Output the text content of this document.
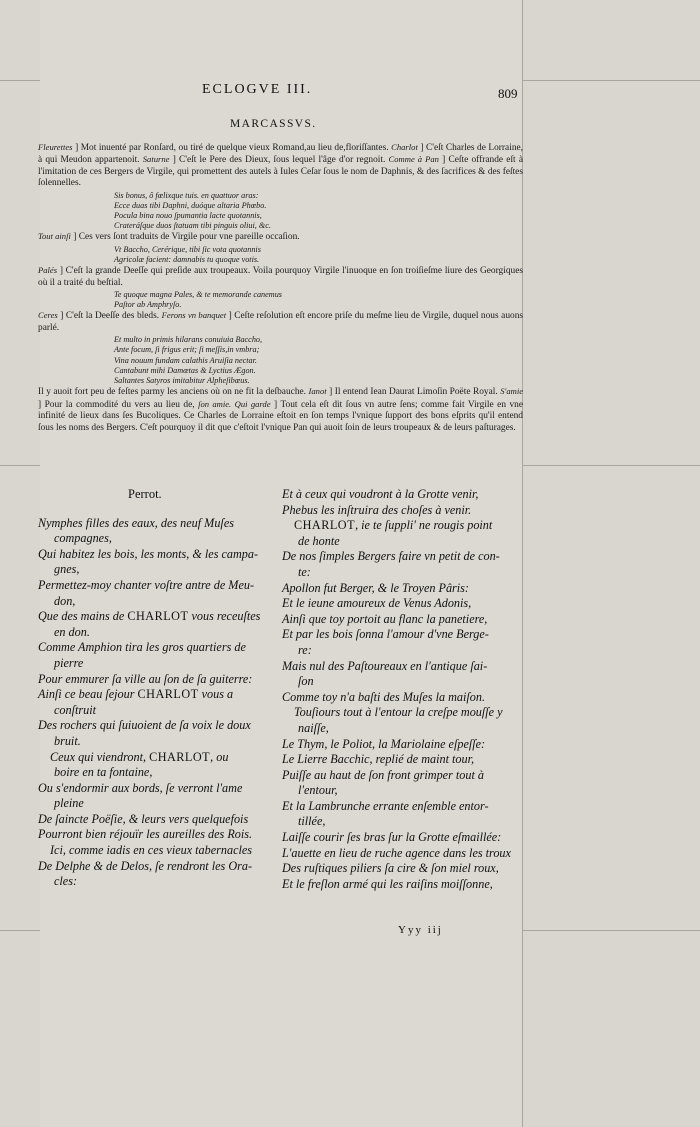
ECLOGVE III.	809
MARCASSVS.

Fleurettes ] Mot inuenté par Ronſard, ou tiré de quelque vieux Romand,au lieu de,floriſſantes. Charlot ] C'eſt Charles de Lorraine, à qui Meudon appartenoit. Saturne ] C'eſt le Pere des Dieux, ſous lequel l'âge d'or regnoit. Comme à Pan ] Ceſte offrande eſt à l'imitation de ces Bergers de Virgile, qui promettent des autels à Iules Ceſar ſous le nom de Daphnis, & des ſacrifices & des feſtes ſolennelles.

Sis bonus, ô fœlixque tuis. en quattuor aras:
Ecce duas tibi Daphni, duóque altaria Phœbo.
Pocula bina nouo ſpumantia lacte quotannis,
Crateráſque duos ſtatuam tibi pinguis oliui, &c.

Tout ainſi ] Ces vers ſont traduits de Virgile pour vne pareille occaſion.

Vt Baccho, Cerérique, tibi ſic vota quotannis
Agricolæ facient: damnabis tu quoque votis.

Palés ] C'eſt la grande Deeſſe qui preſide aux troupeaux. Voila pourquoy Virgile l'inuoque en ſon troiſieſme liure des Georgiques où il a traité du beſtial.

Te quoque magna Pales, & te memorande canemus
Paſtor ab Amphryſo.

Ceres ] C'eſt la Deeſſe des bleds. Ferons vn banquet ] Ceſte reſolution eſt encore priſe du meſme lieu de Virgile, duquel nous auons parlé.

Et multo in primis hilarans conuiuia Baccho,
Ante focum, ſi frigus erit; ſi meſſis,in vmbra;
Vina nouum fundam calathis Aruiſia nectar.
Cantabunt mihi Damœtas & Lyctius Ægon.
Saltantes Satyros imitabitur Alpheſibœus.

Il y auoit fort peu de feſtes parmy les anciens où on ne fit la deſbauche. Ianot ] Il entend Iean Daurat Limoſin Poëte Royal. S'amie ] Pour la commodité du vers au lieu de, ſon amie. Qui garde ] Tout cela eſt dit ſous vn autre ſens; comme fait Virgile en vne infinité de lieux dans ſes Bucoliques. Ce Charles de Lorraine eſtoit en ſon temps l'vnique ſupport des bons eſprits qu'il entend ſous les noms des Bergers. C'eſt pourquoy il dit que c'eſtoit l'vnique Pan qui auoit ſoin de leurs troupeaux & de leurs paſturages.

Perrot.
Nymphes filles des eaux, des neuf Muſes
compagnes,
Qui habitez les bois, les monts, & les campa-
gnes,
Permettez-moy chanter voſtre antre de Meu-
don,
Que des mains de CHARLOT vous receuſtes
en don.
Comme Amphion tira les gros quartiers de
pierre
Pour emmurer ſa ville au ſon de ſa guiterre:
Ainſi ce beau ſejour CHARLOT vous a
conſtruit
Des rochers qui ſuiuoient de ſa voix le doux
bruit.
Ceux qui viendront, CHARLOT, ou
boire en ta fontaine,
Ou s'endormir aux bords, ſe verront l'ame
pleine
De ſaincte Poëſie, & leurs vers quelquefois
Pourront bien réjouïr les aureilles des Rois.
Ici, comme iadis en ces vieux tabernacles
De Delphe & de Delos, ſe rendront les Ora-
cles:
Et à ceux qui voudront à la Grotte venir,
Phebus les inſtruira des choſes à venir.
CHARLOT, ie te ſuppli' ne rougis point
de honte
De nos ſimples Bergers faire vn petit de con-
te:
Apollon fut Berger, & le Troyen Pâris:
Et le ieune amoureux de Venus Adonis,
Ainſi que toy portoit au flanc la panetiere,
Et par les bois ſonna l'amour d'vne Berge-
re:
Mais nul des Paſtoureaux en l'antique ſai-
ſon
Comme toy n'a baſti des Muſes la maiſon.
Touſiours tout à l'entour la creſpe mouſſe y
naiſſe,
Le Thym, le Poliot, la Mariolaine eſpeſſe:
Le Lierre Bacchic, replié de maint tour,
Puiſſe au haut de ſon front grimper tout à
l'entour,
Et la Lambrunche errante enſemble entor-
tillée,
Laiſſe courir ſes bras ſur la Grotte eſmaillée:
L'auette en lieu de ruche agence dans les troux
Des ruſtiques piliers ſa cire & ſon miel roux,
Et le freſlon armé qui les raiſins moiſſonne,
Yyy iij
